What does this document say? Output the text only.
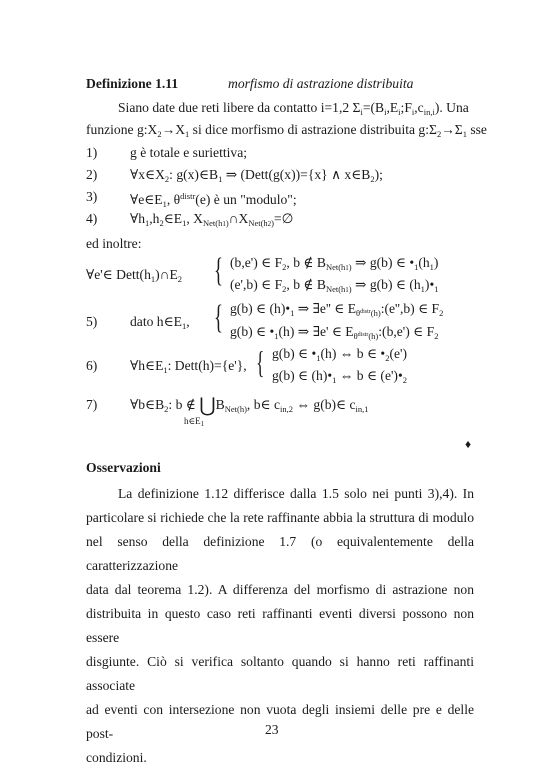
Definizione 1.11	morfismo di astrazione distribuita
Siano date due reti libere da contatto i=1,2 $\Sigma_i=(B_i,E_i;F_i,c_{in,i})$. Una
funzione $g:X_2\to X_1$ si dice morfismo di astrazione distribuita $g:\Sigma_2\to\Sigma_1$ sse
1) g è totale e suriettiva;
2) $\forall x\in X_2$: $g(x)\in B_1$ ⇒ (Dett(g(x))={x} ∧ $x\in B_2$);
3) $\forall e\in E_1$, $\theta^{distr}(e)$ è un "modulo";
4) $\forall h_1,h_2\in E_1$, $X_{Net(h1)}\cap X_{Net(h2)}=\emptyset$
ed inoltre:
∀e'∈ $Dett(h_1)\cap E_2$ { (b,e') ∈ $F_2$, b ∉ $B_{Net(h1)}$ ⇒ g(b) ∈ $•_1(h_1)$
(e',b) ∈ $F_2$, b ∉ $B_{Net(h1)}$ ⇒ g(b) ∈ $(h_1)•_1$
5) dato $h\in E_1$, { g(b) ∈ $(h)•_1$ ⇒ ∃e'' ∈ $E_{\theta^{distr}(h)}:(e'',b)$ ∈ $F_2$
g(b) ∈ $•_1(h)$ ⇒ ∃e' ∈ $E_{\theta^{distr}(h)}:(b,e')$ ∈ $F_2$
6) $\forall h\in E_1$: Dett(h)={e'}, { g(b) ∈ $•_1(h)$ ⇔ b ∈ $•_2(e')$
g(b) ∈ $(h)•_1$ ⇔ b ∈ $(e')•_2$
7) $\forall b\in B_2$: b ∉ $⋃B_{Net(h)}$, b∈ $c_{in,2}$ ⇔ g(b)∈ $c_{in,1}$
$h\in E_1$
♦
Osservazioni
La definizione 1.12 differisce dalla 1.5 solo nei punti 3),4). In
particolare si richiede che la rete raffinante abbia la struttura di modulo
nel senso della definizione 1.7 (o equivalentemente della caratterizzazione
data dal teorema 1.2). A differenza del morfismo di astrazione non
distribuita in questo caso reti raffinanti eventi diversi possono non essere
disgiunte. Ciò si verifica soltanto quando si hanno reti raffinanti associate
ad eventi con intersezione non vuota degli insiemi delle pre e delle post-
condizioni.
23
